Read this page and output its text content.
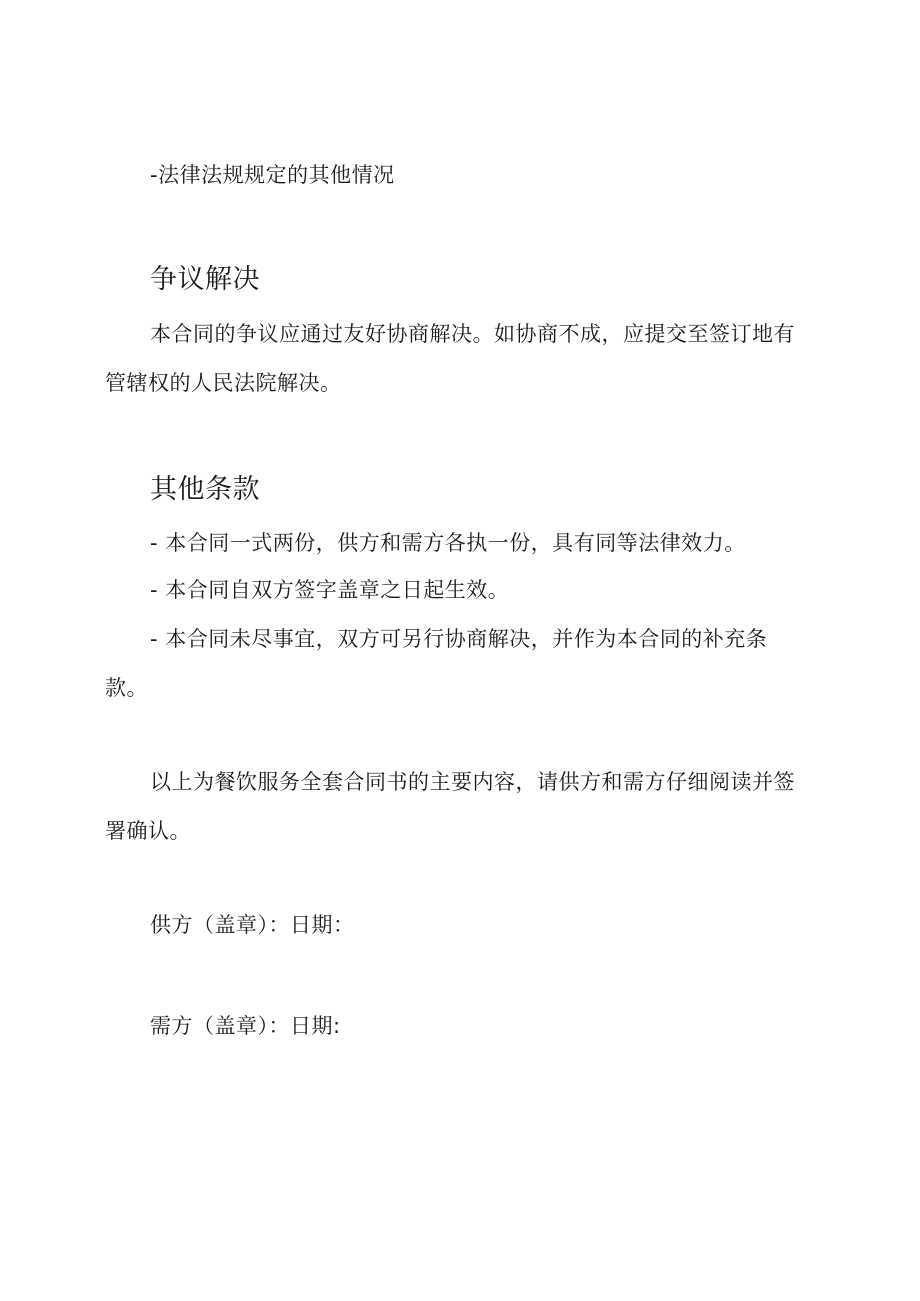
-法律法规规定的其他情况
争议解决
本合同的争议应通过友好协商解决。如协商不成，应提交至签订地有
管辖权的人民法院解决。
其他条款
- 本合同一式两份，供方和需方各执一份，具有同等法律效力。
- 本合同自双方签字盖章之日起生效。
- 本合同未尽事宜，双方可另行协商解决，并作为本合同的补充条
款。
以上为餐饮服务全套合同书的主要内容，请供方和需方仔细阅读并签
署确认。
供方（盖章）：日期：
需方（盖章）：日期:
